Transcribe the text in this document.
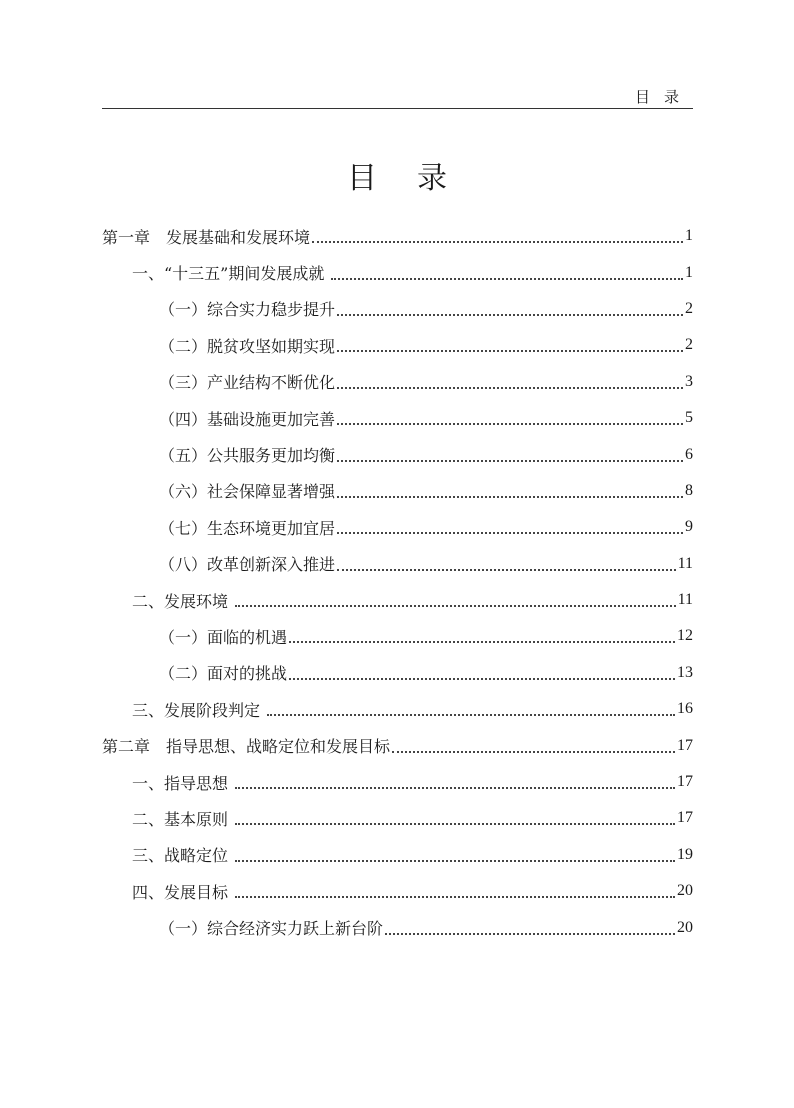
目录
目录
第一章　发展基础和发展环境	1
一、“十三五”期间发展成就	1
（一）综合实力稳步提升	2
（二）脱贫攻坚如期实现	2
（三）产业结构不断优化	3
（四）基础设施更加完善	5
（五）公共服务更加均衡	6
（六）社会保障显著增强	8
（七）生态环境更加宜居	9
（八）改革创新深入推进	11
二、发展环境	11
（一）面临的机遇	12
（二）面对的挑战	13
三、发展阶段判定	16
第二章　指导思想、战略定位和发展目标	17
一、指导思想	17
二、基本原则	17
三、战略定位	19
四、发展目标	20
（一）综合经济实力跃上新台阶	20
